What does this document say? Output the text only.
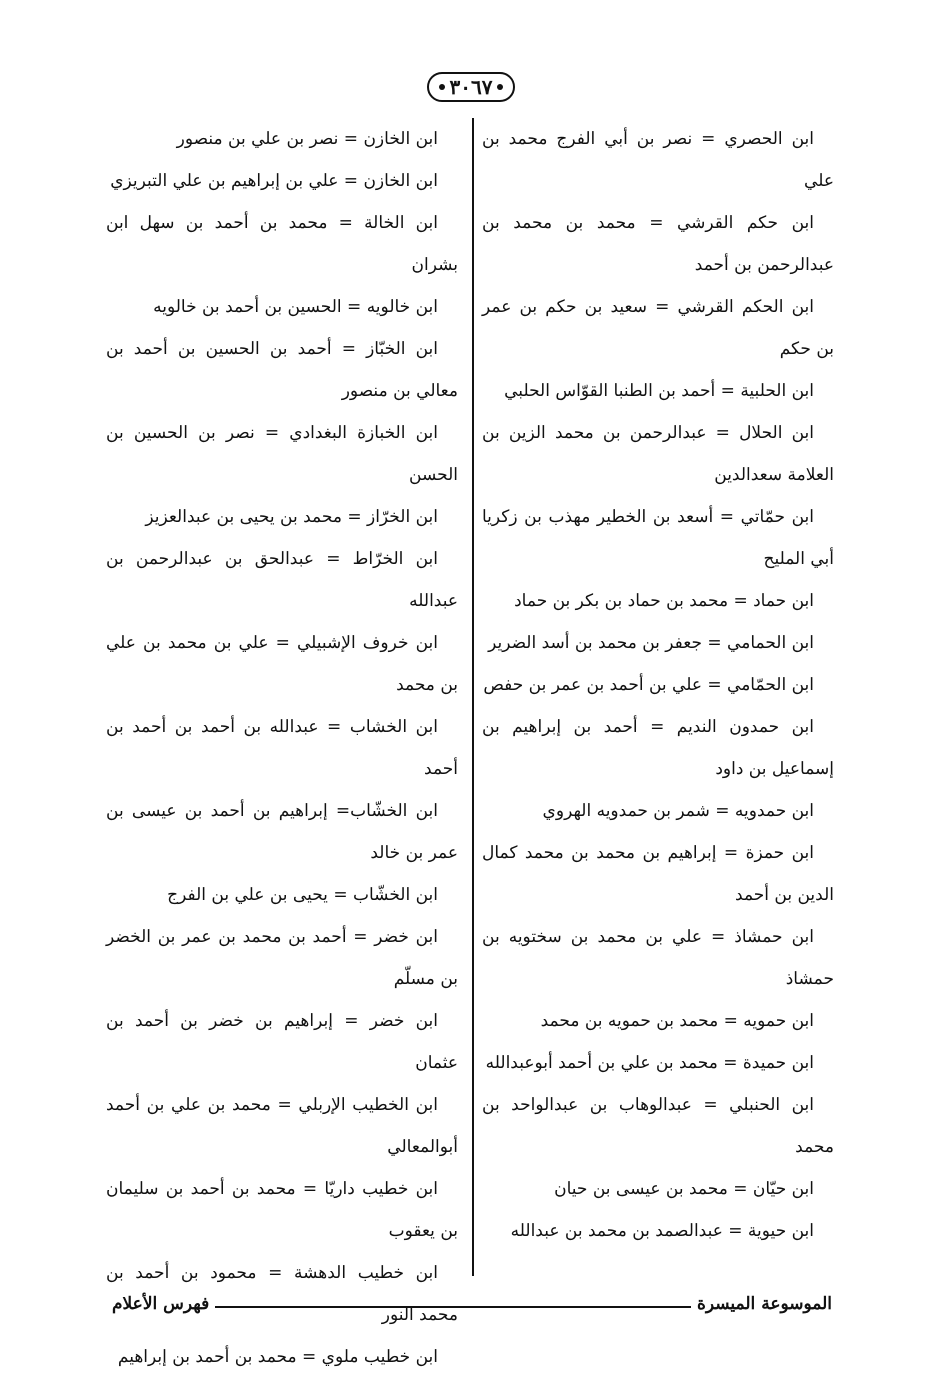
٣٠٦٧

ابن الحصري = نصر بن أبي الفرج محمد بن علي

ابن حكم القرشي = محمد بن محمد بن عبدالرحمن بن أحمد

ابن الحكم القرشي = سعيد بن حكم بن عمر بن حكم

ابن الحلبية = أحمد بن الطنبا القوّاس الحلبي

ابن الحلال = عبدالرحمن بن محمد الزين بن العلامة سعدالدين

ابن حمّاتي = أسعد بن الخطير مهذب بن زكريا أبي المليح

ابن حماد = محمد بن حماد بن بكر بن حماد

ابن الحمامي = جعفر بن محمد بن أسد الضرير

ابن الحمّامي = علي بن أحمد بن عمر بن حفص

ابن حمدون النديم = أحمد بن إبراهيم بن إسماعيل بن داود

ابن حمدويه = شمر بن حمدويه الهروي

ابن حمزة = إبراهيم بن محمد بن محمد كمال الدين بن أحمد

ابن حمشاذ = علي بن محمد بن سختويه بن حمشاذ

ابن حمويه = محمد بن حمويه بن محمد

ابن حميدة = محمد بن علي بن أحمد أبوعبدالله

ابن الحنبلي = عبدالوهاب بن عبدالواحد بن محمد

ابن حيّان = محمد بن عيسى بن حيان

ابن حيوية = عبدالصمد بن محمد بن عبدالله

ابن الخازن = نصر بن علي بن منصور

ابن الخازن = علي بن إبراهيم بن علي التبريزي

ابن الخالة = محمد بن أحمد بن سهل ابن بشران

ابن خالويه = الحسين بن أحمد بن خالويه

ابن الخبّاز = أحمد بن الحسين بن أحمد بن معالي بن منصور

ابن الخبازة البغدادي = نصر بن الحسين بن الحسن

ابن الخرّاز = محمد بن يحيى بن عبدالعزيز

ابن الخرّاط = عبدالحق بن عبدالرحمن بن عبدالله

ابن خروف الإشبيلي = علي بن محمد بن علي بن محمد

ابن الخشاب = عبدالله بن أحمد بن أحمد بن أحمد

ابن الخشّاب= إبراهيم بن أحمد بن عيسى بن عمر بن خالد

ابن الخشّاب = يحيى بن علي بن الفرج

ابن خضر = أحمد بن محمد بن عمر بن الخضر بن مسلّم

ابن خضر = إبراهيم بن خضر بن أحمد بن عثمان

ابن الخطيب الإربلي = محمد بن علي بن أحمد أبوالمعالي

ابن خطيب داريّا = محمد بن أحمد بن سليمان بن يعقوب

ابن خطيب الدهشة = محمود بن أحمد بن محمد النور

ابن خطيب ملوي = محمد بن أحمد بن إبراهيم

الموسوعة الميسرة
فهرس الأعلام
